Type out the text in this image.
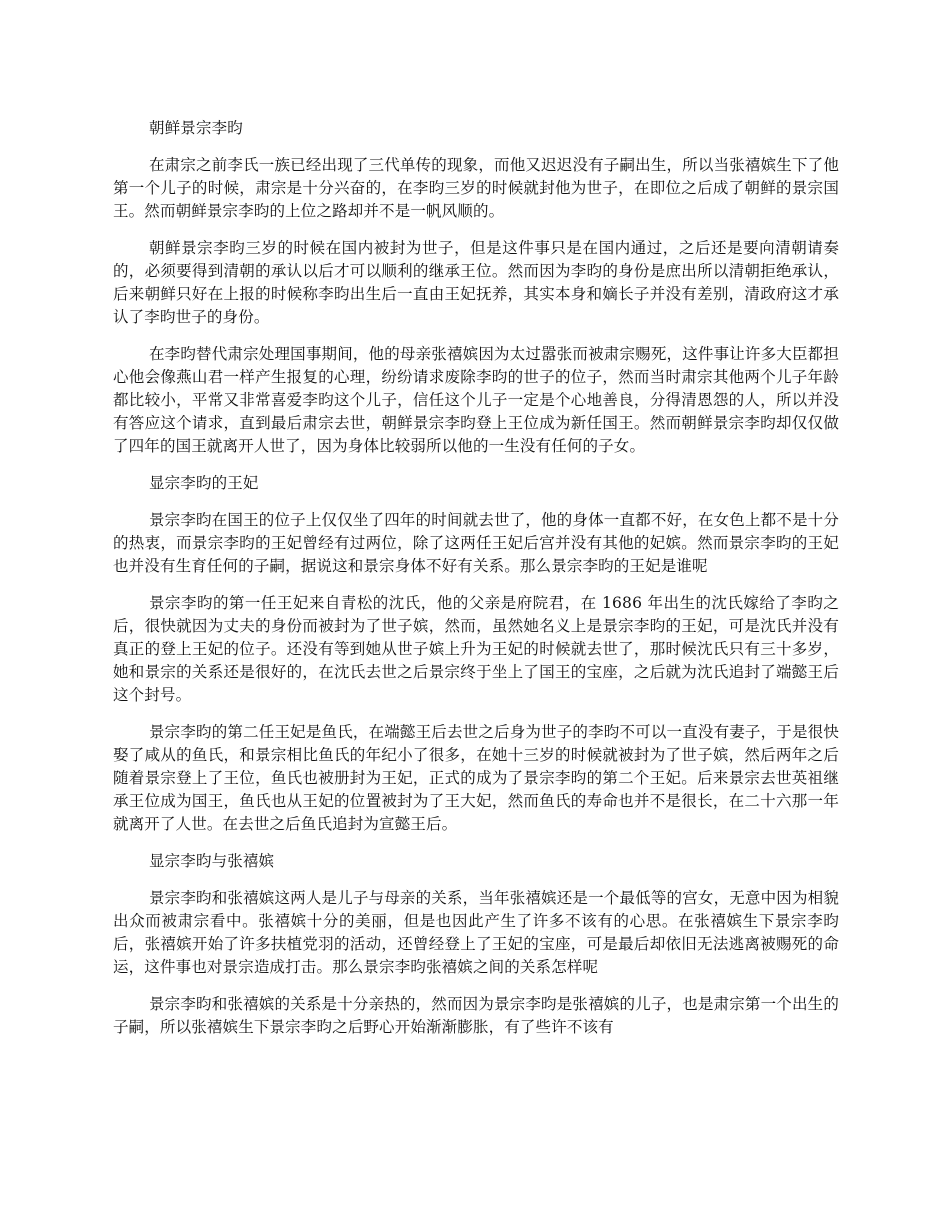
朝鲜景宗李昀

在肃宗之前李氏一族已经出现了三代单传的现象，而他又迟迟没有子嗣出生，所以当张禧嫔生下了他第一个儿子的时候，肃宗是十分兴奋的，在李昀三岁的时候就封他为世子，在即位之后成了朝鲜的景宗国王。然而朝鲜景宗李昀的上位之路却并不是一帆风顺的。

朝鲜景宗李昀三岁的时候在国内被封为世子，但是这件事只是在国内通过，之后还是要向清朝请奏的，必须要得到清朝的承认以后才可以顺利的继承王位。然而因为李昀的身份是庶出所以清朝拒绝承认，后来朝鲜只好在上报的时候称李昀出生后一直由王妃抚养，其实本身和嫡长子并没有差别，清政府这才承认了李昀世子的身份。

在李昀替代肃宗处理国事期间，他的母亲张禧嫔因为太过嚣张而被肃宗赐死，这件事让许多大臣都担心他会像燕山君一样产生报复的心理，纷纷请求废除李昀的世子的位子，然而当时肃宗其他两个儿子年龄都比较小，平常又非常喜爱李昀这个儿子，信任这个儿子一定是个心地善良，分得清恩怨的人，所以并没有答应这个请求，直到最后肃宗去世，朝鲜景宗李昀登上王位成为新任国王。然而朝鲜景宗李昀却仅仅做了四年的国王就离开人世了，因为身体比较弱所以他的一生没有任何的子女。

显宗李昀的王妃

景宗李昀在国王的位子上仅仅坐了四年的时间就去世了，他的身体一直都不好，在女色上都不是十分的热衷，而景宗李昀的王妃曾经有过两位，除了这两任王妃后宫并没有其他的妃嫔。然而景宗李昀的王妃也并没有生育任何的子嗣，据说这和景宗身体不好有关系。那么景宗李昀的王妃是谁呢

景宗李昀的第一任王妃来自青松的沈氏，他的父亲是府院君，在 1686 年出生的沈氏嫁给了李昀之后，很快就因为丈夫的身份而被封为了世子嫔，然而，虽然她名义上是景宗李昀的王妃，可是沈氏并没有真正的登上王妃的位子。还没有等到她从世子嫔上升为王妃的时候就去世了，那时候沈氏只有三十多岁，她和景宗的关系还是很好的，在沈氏去世之后景宗终于坐上了国王的宝座，之后就为沈氏追封了端懿王后这个封号。

景宗李昀的第二任王妃是鱼氏，在端懿王后去世之后身为世子的李昀不可以一直没有妻子，于是很快娶了咸从的鱼氏，和景宗相比鱼氏的年纪小了很多，在她十三岁的时候就被封为了世子嫔，然后两年之后随着景宗登上了王位，鱼氏也被册封为王妃，正式的成为了景宗李昀的第二个王妃。后来景宗去世英祖继承王位成为国王，鱼氏也从王妃的位置被封为了王大妃，然而鱼氏的寿命也并不是很长，在二十六那一年就离开了人世。在去世之后鱼氏追封为宣懿王后。

显宗李昀与张禧嫔

景宗李昀和张禧嫔这两人是儿子与母亲的关系，当年张禧嫔还是一个最低等的宫女，无意中因为相貌出众而被肃宗看中。张禧嫔十分的美丽，但是也因此产生了许多不该有的心思。在张禧嫔生下景宗李昀后，张禧嫔开始了许多扶植党羽的活动，还曾经登上了王妃的宝座，可是最后却依旧无法逃离被赐死的命运，这件事也对景宗造成打击。那么景宗李昀张禧嫔之间的关系怎样呢

景宗李昀和张禧嫔的关系是十分亲热的，然而因为景宗李昀是张禧嫔的儿子，也是肃宗第一个出生的子嗣，所以张禧嫔生下景宗李昀之后野心开始渐渐膨胀，有了些许不该有
